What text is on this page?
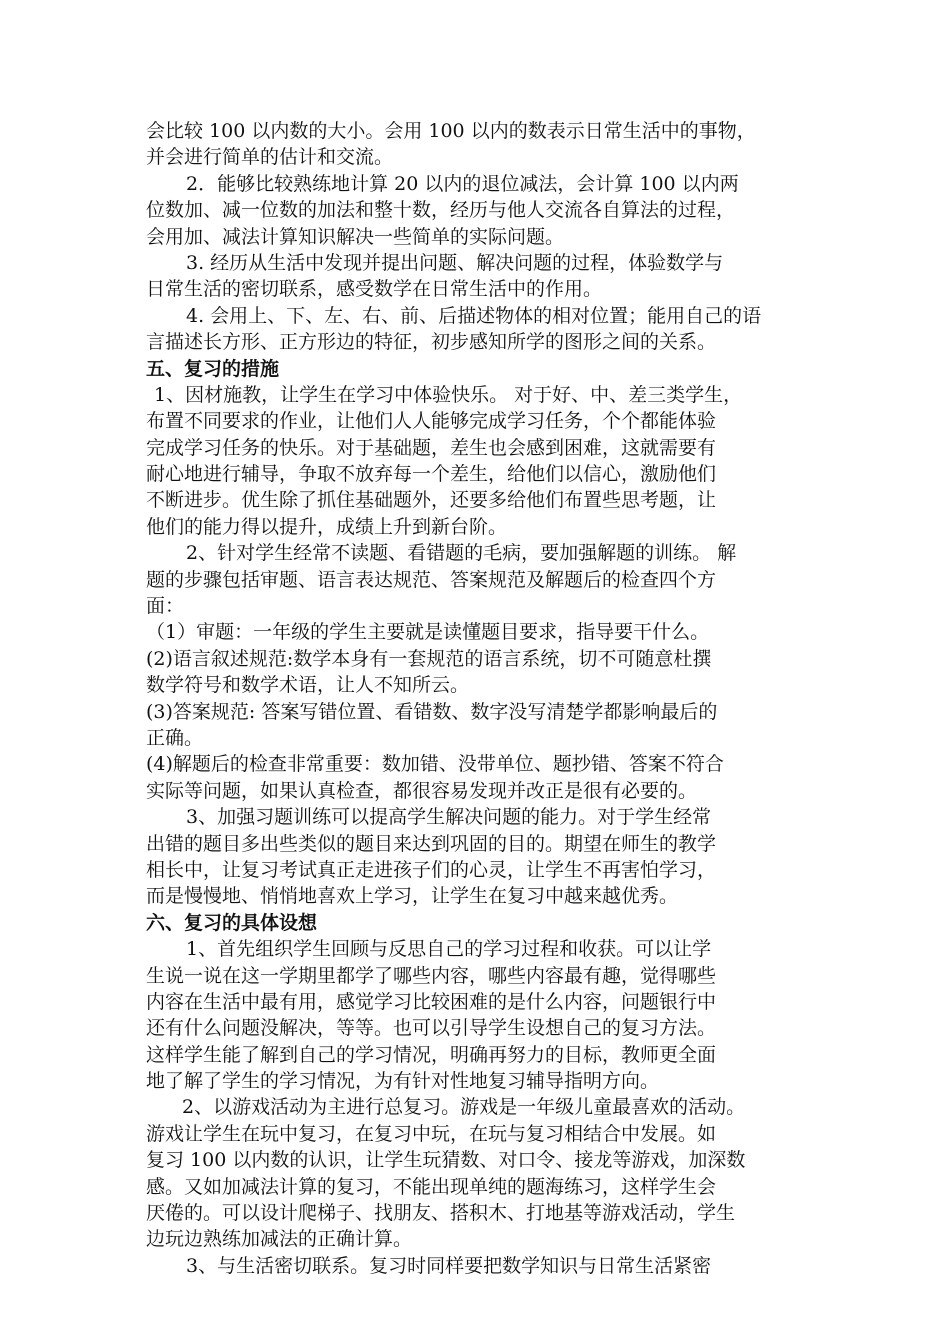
会比较 100 以内数的大小。会用 100 以内的数表示日常生活中的事物，
并会进行简单的估计和交流。
2．能够比较熟练地计算 20 以内的退位减法，会计算 100 以内两
位数加、减一位数的加法和整十数，经历与他人交流各自算法的过程，
会用加、减法计算知识解决一些简单的实际问题。
3. 经历从生活中发现并提出问题、解决问题的过程，体验数学与
日常生活的密切联系，感受数学在日常生活中的作用。
4. 会用上、下、左、右、前、后描述物体的相对位置；能用自己的语
言描述长方形、正方形边的特征，初步感知所学的图形之间的关系。
五、复习的措施
1、因材施教，让学生在学习中体验快乐。 对于好、中、差三类学生，
布置不同要求的作业，让他们人人能够完成学习任务，个个都能体验
完成学习任务的快乐。对于基础题，差生也会感到困难，这就需要有
耐心地进行辅导，争取不放弃每一个差生，给他们以信心，激励他们
不断进步。优生除了抓住基础题外，还要多给他们布置些思考题，让
他们的能力得以提升，成绩上升到新台阶。
2、针对学生经常不读题、看错题的毛病，要加强解题的训练。 解
题的步骤包括审题、语言表达规范、答案规范及解题后的检查四个方
面：
（1）审题：一年级的学生主要就是读懂题目要求，指导要干什么。
(2)语言叙述规范:数学本身有一套规范的语言系统，切不可随意杜撰
数学符号和数学术语，让人不知所云。
(3)答案规范: 答案写错位置、看错数、数字没写清楚学都影响最后的
正确。
(4)解题后的检查非常重要：数加错、没带单位、题抄错、答案不符合
实际等问题，如果认真检查，都很容易发现并改正是很有必要的。
3、加强习题训练可以提高学生解决问题的能力。对于学生经常
出错的题目多出些类似的题目来达到巩固的目的。期望在师生的教学
相长中，让复习考试真正走进孩子们的心灵，让学生不再害怕学习，
而是慢慢地、悄悄地喜欢上学习，让学生在复习中越来越优秀。
六、复习的具体设想
1、首先组织学生回顾与反思自己的学习过程和收获。可以让学
生说一说在这一学期里都学了哪些内容，哪些内容最有趣，觉得哪些
内容在生活中最有用，感觉学习比较困难的是什么内容，问题银行中
还有什么问题没解决，等等。也可以引导学生设想自己的复习方法。
这样学生能了解到自己的学习情况，明确再努力的目标，教师更全面
地了解了学生的学习情况，为有针对性地复习辅导指明方向。
2、以游戏活动为主进行总复习。游戏是一年级儿童最喜欢的活动。
游戏让学生在玩中复习，在复习中玩，在玩与复习相结合中发展。如
复习 100 以内数的认识，让学生玩猜数、对口令、接龙等游戏，加深数
感。又如加减法计算的复习，不能出现单纯的题海练习，这样学生会
厌倦的。可以设计爬梯子、找朋友、搭积木、打地基等游戏活动，学生
边玩边熟练加减法的正确计算。
3、与生活密切联系。复习时同样要把数学知识与日常生活紧密
